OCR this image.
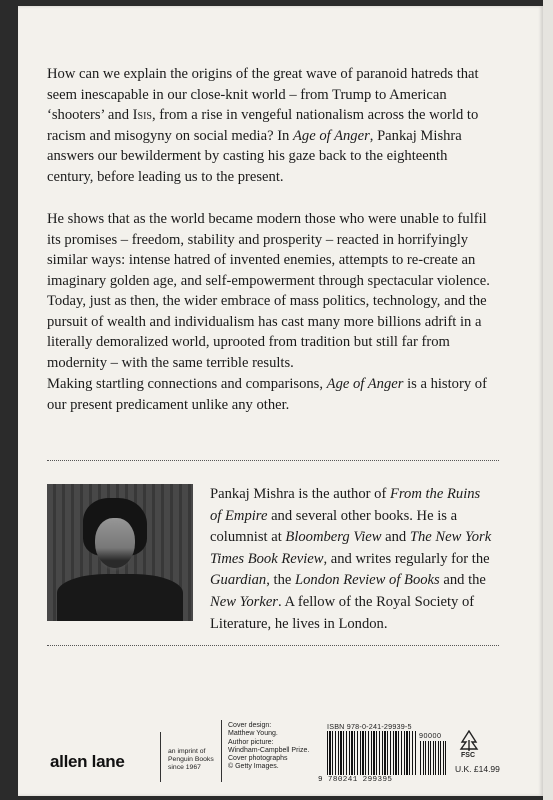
How can we explain the origins of the great wave of paranoid hatreds that seem inescapable in our close-knit world – from Trump to American ‘shooters’ and Isis, from a rise in vengeful nationalism across the world to racism and misogyny on social media? In Age of Anger, Pankaj Mishra answers our bewilderment by casting his gaze back to the eighteenth century, before leading us to the present.

He shows that as the world became modern those who were unable to fulfil its promises – freedom, stability and prosperity – reacted in horrifyingly similar ways: intense hatred of invented enemies, attempts to re-create an imaginary golden age, and self-empowerment through spectacular violence. Today, just as then, the wider embrace of mass politics, technology, and the pursuit of wealth and individualism has cast many more billions adrift in a literally demoralized world, uprooted from tradition but still far from modernity – with the same terrible results.

Making startling connections and comparisons, Age of Anger is a history of our present predicament unlike any other.

Pankaj Mishra is the author of From the Ruins of Empire and several other books. He is a columnist at Bloomberg View and The New York Times Book Review, and writes regularly for the Guardian, the London Review of Books and the New Yorker. A fellow of the Royal Society of Literature, he lives in London.

allen lane
an imprint of
Penguin Books
since 1967
Cover design:
Matthew Young.
Author picture:
Windham-Campbell Prize.
Cover photographs
© Getty Images.
ISBN 978-0-241-29939-5
90000
9 780241 299395
FSC
U.K. £14.99
